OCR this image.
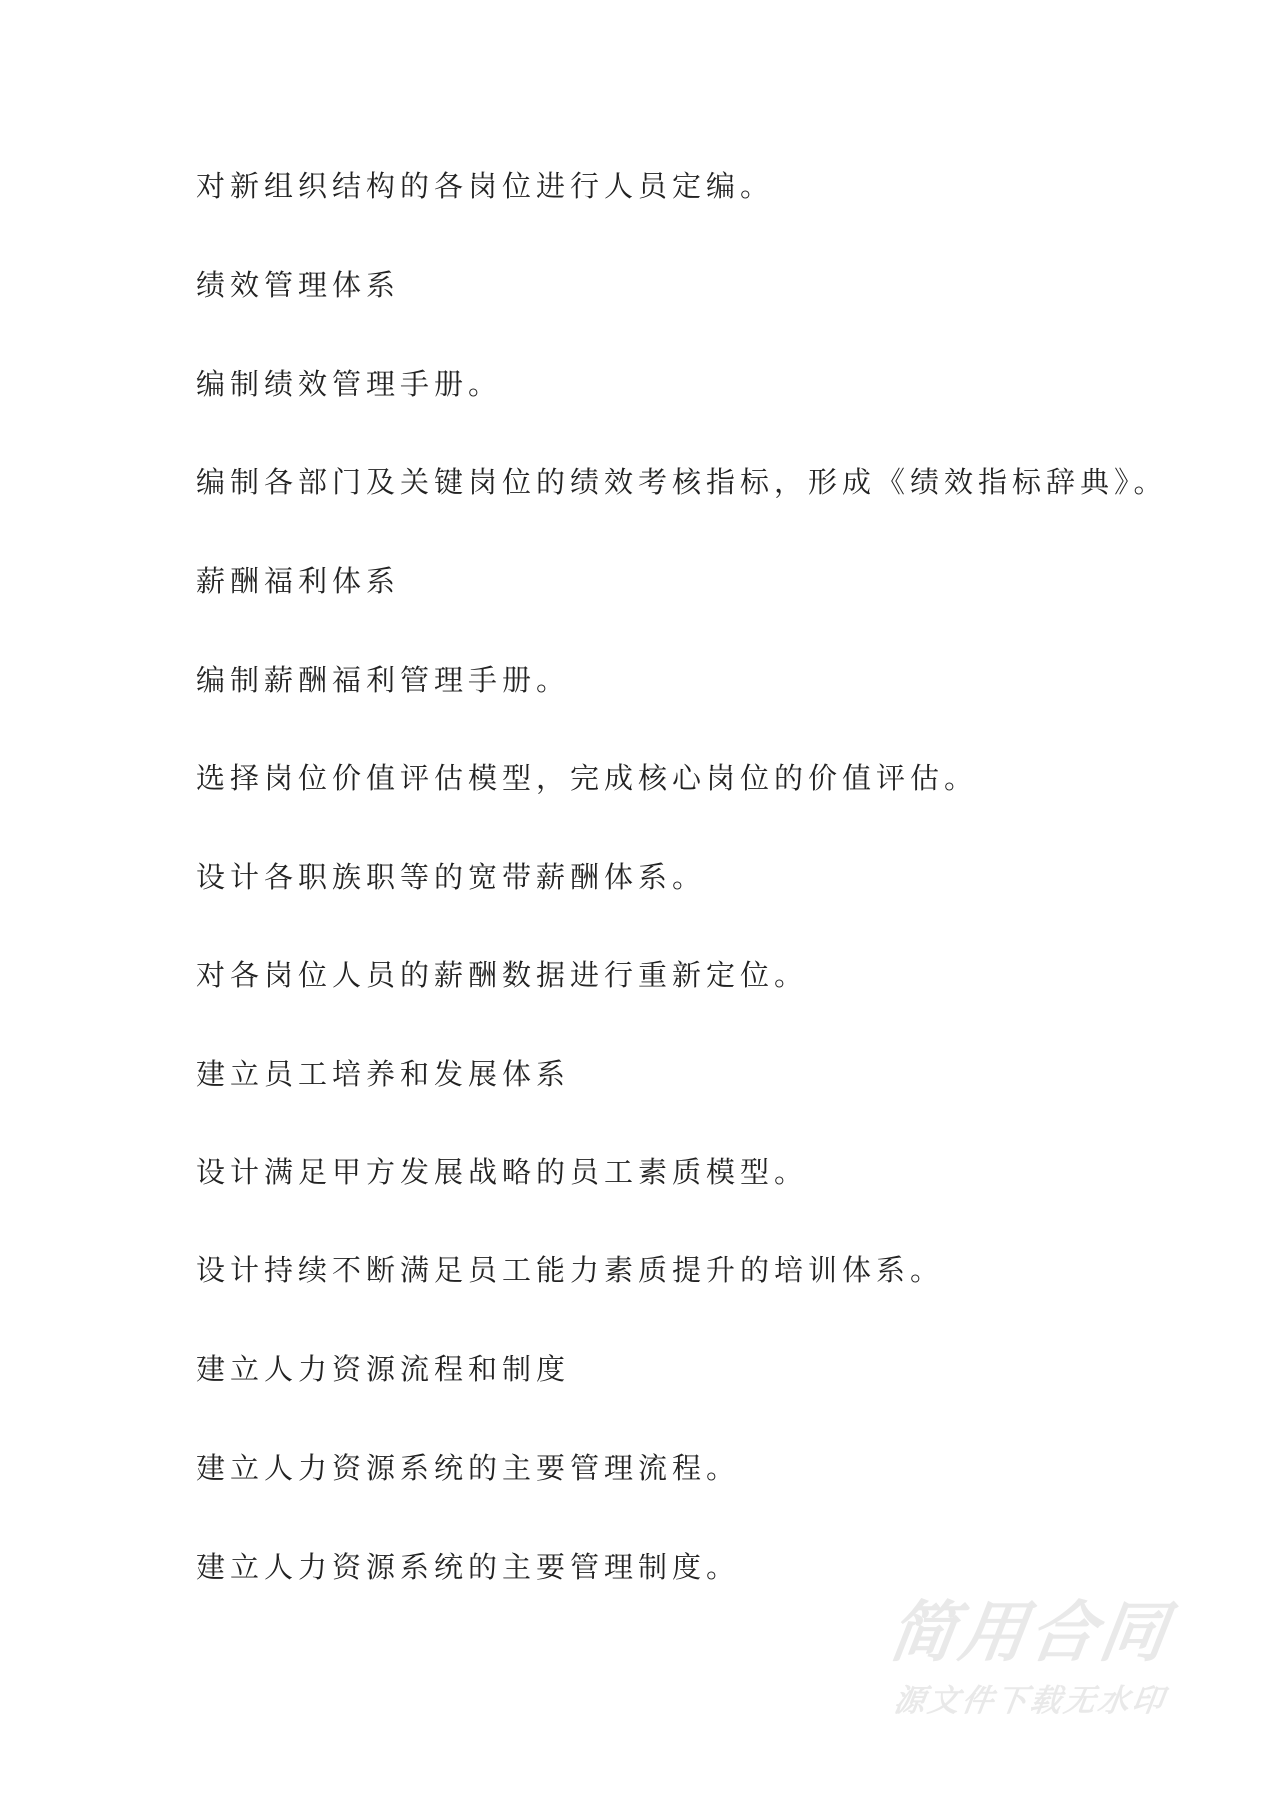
对新组织结构的各岗位进行人员定编。
绩效管理体系
编制绩效管理手册。
编制各部门及关键岗位的绩效考核指标，形成《绩效指标辞典》。
薪酬福利体系
编制薪酬福利管理手册。
选择岗位价值评估模型，完成核心岗位的价值评估。
设计各职族职等的宽带薪酬体系。
对各岗位人员的薪酬数据进行重新定位。
建立员工培养和发展体系
设计满足甲方发展战略的员工素质模型。
设计持续不断满足员工能力素质提升的培训体系。
建立人力资源流程和制度
建立人力资源系统的主要管理流程。
建立人力资源系统的主要管理制度。
简用合同
源文件下载无水印
